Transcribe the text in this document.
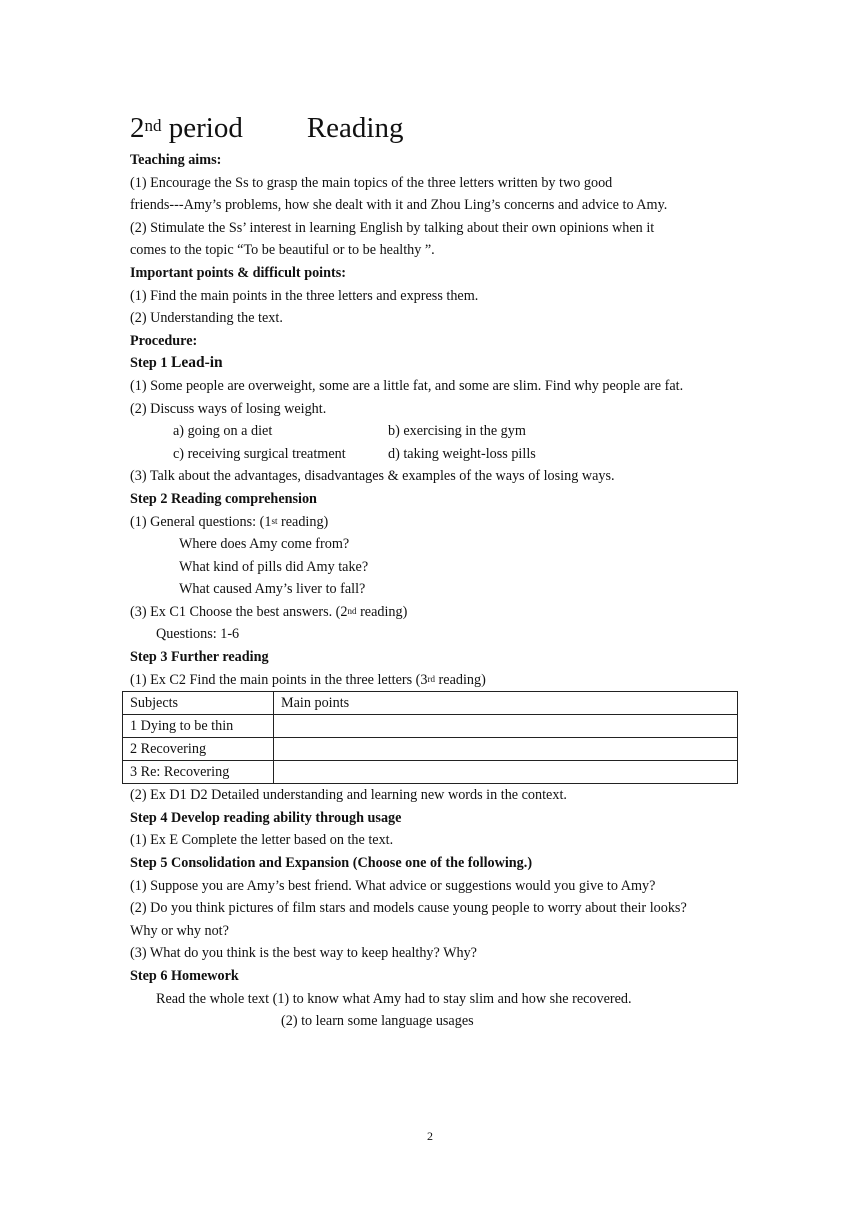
2nd period Reading
Teaching aims:
(1) Encourage the Ss to grasp the main topics of the three letters written by two good
friends---Amy’s problems, how she dealt with it and Zhou Ling’s concerns and advice to Amy.
(2) Stimulate the Ss’ interest in learning English by talking about their own opinions when it
comes to the topic “To be beautiful or to be healthy ”.
Important points & difficult points:
(1) Find the main points in the three letters and express them.
(2) Understanding the text.
Procedure:
Step 1 Lead-in
(1) Some people are overweight, some are a little fat, and some are slim. Find why people are fat.
(2) Discuss ways of losing weight.
a) going on a diet	b) exercising in the gym
c) receiving surgical treatment	d) taking weight-loss pills
(3) Talk about the advantages, disadvantages & examples of the ways of losing ways.
Step 2 Reading comprehension
(1) General questions: (1st reading)
Where does Amy come from?
What kind of pills did Amy take?
What caused Amy’s liver to fall?
(3) Ex C1 Choose the best answers. (2nd reading)
Questions: 1-6
Step 3 Further reading
(1) Ex C2 Find the main points in the three letters (3rd reading)
Subjects	Main points
1 Dying to be thin	
2 Recovering	
3 Re: Recovering	
(2) Ex D1 D2 Detailed understanding and learning new words in the context.
Step 4 Develop reading ability through usage
(1) Ex E Complete the letter based on the text.
Step 5 Consolidation and Expansion (Choose one of the following.)
(1) Suppose you are Amy’s best friend. What advice or suggestions would you give to Amy?
(2) Do you think pictures of film stars and models cause young people to worry about their looks?
Why or why not?
(3) What do you think is the best way to keep healthy? Why?
Step 6 Homework
Read the whole text (1) to know what Amy had to stay slim and how she recovered.
(2) to learn some language usages
2
